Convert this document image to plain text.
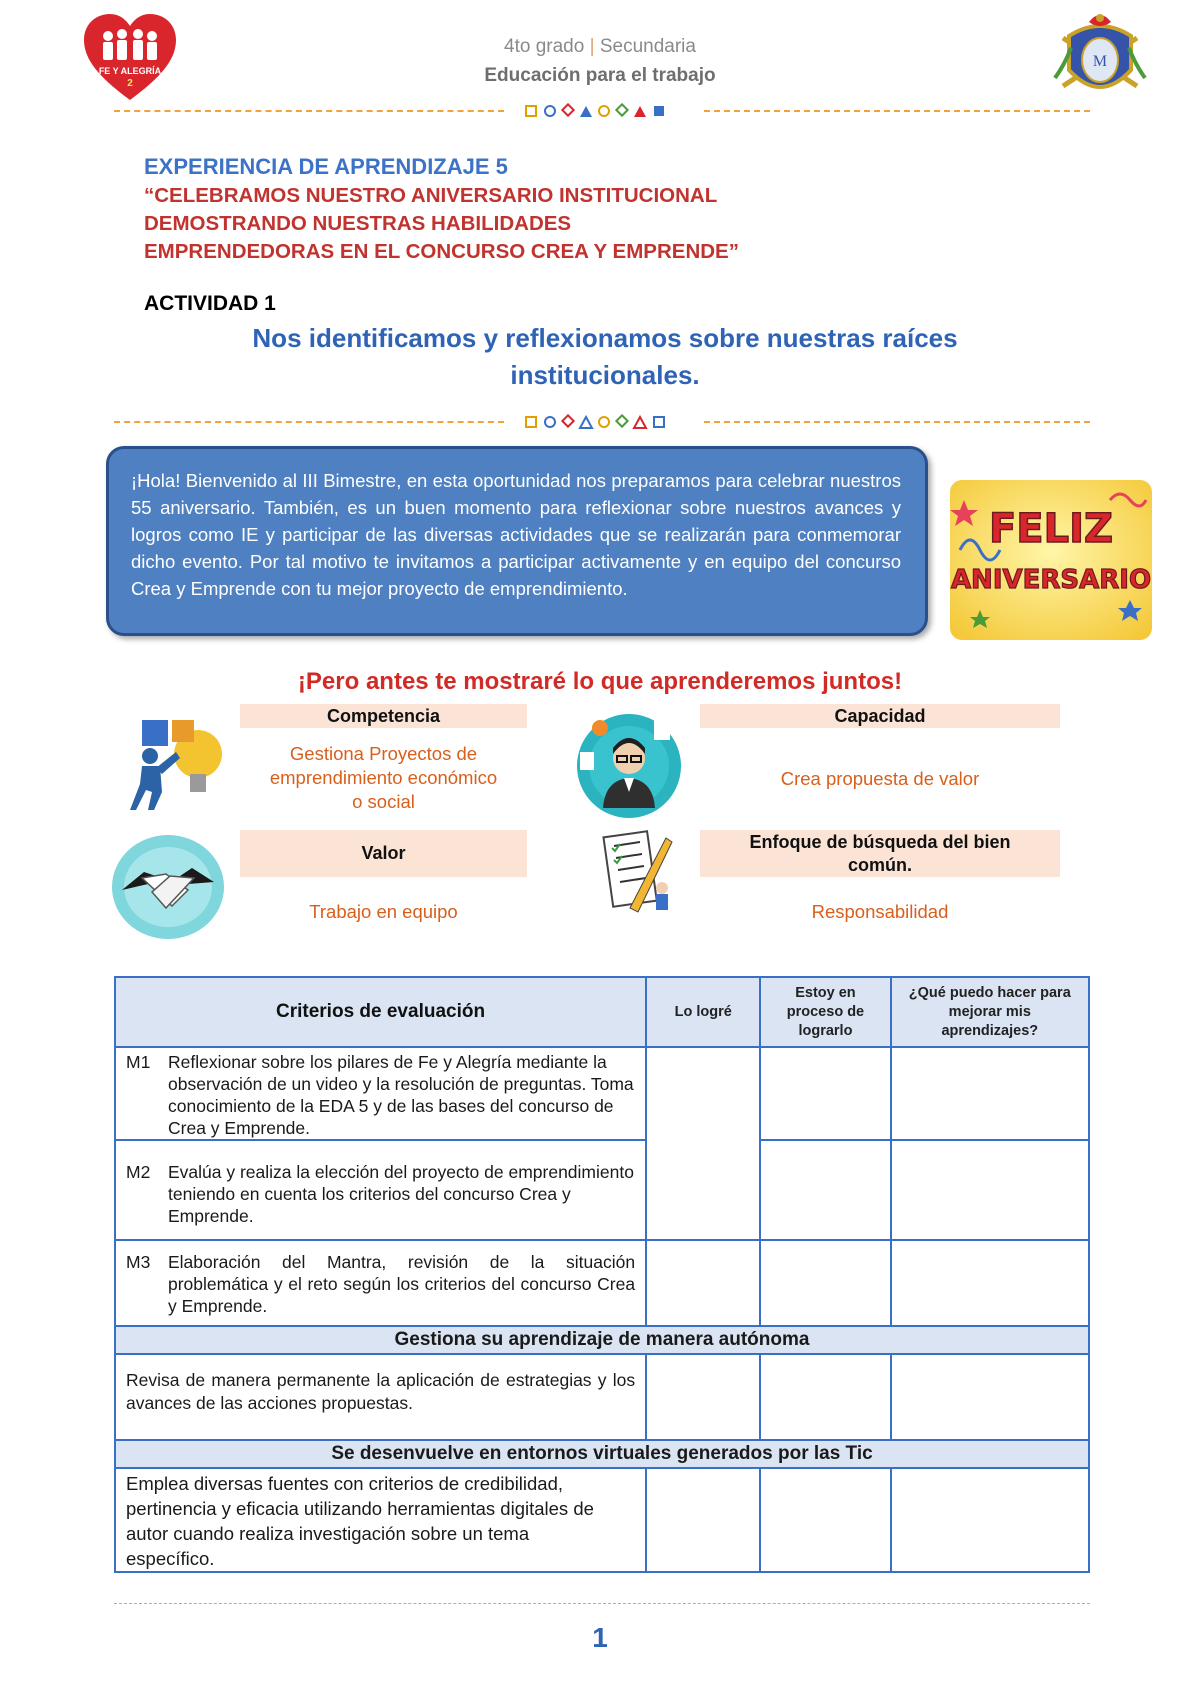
FE Y ALEGRÍA
2
4to grado | Secundaria
Educación para el trabajo
M
EXPERIENCIA DE APRENDIZAJE 5
“CELEBRAMOS NUESTRO ANIVERSARIO INSTITUCIONAL
DEMOSTRANDO NUESTRAS HABILIDADES
EMPRENDEDORAS EN EL CONCURSO CREA Y EMPRENDE”
ACTIVIDAD 1
Nos identificamos y reflexionamos sobre nuestras raíces
institucionales.
¡Hola! Bienvenido al III Bimestre, en esta oportunidad nos preparamos para celebrar nuestros 55 aniversario. También, es un buen momento para reflexionar sobre nuestros avances y logros como IE y participar de las diversas actividades que se realizarán para conmemorar dicho evento. Por tal motivo te invitamos a participar activamente y en equipo del concurso Crea y Emprende con tu mejor proyecto de emprendimiento.
FELIZ
ANIVERSARIO
¡Pero antes te mostraré lo que aprenderemos juntos!
Competencia
Gestiona Proyectos de
emprendimiento económico
o social
Capacidad
Crea propuesta de valor
Valor
Trabajo en equipo
Enfoque de búsqueda del bien
común.
Responsabilidad
Criterios de evaluación	Lo logré	Estoy en proceso de lograrlo	¿Qué puedo hacer para mejorar mis aprendizajes?

M1 Reflexionar sobre los pilares de Fe y Alegría mediante la observación de un video y la resolución de preguntas. Toma conocimiento de la EDA 5 y de las bases del concurso de Crea y Emprende.			

M2 Evalúa y realiza la elección del proyecto de emprendimiento teniendo en cuenta los criterios del concurso Crea y Emprende.			

M3 Elaboración del Mantra, revisión de la situación problemática y el reto según los criterios del concurso Crea y Emprende.			

Gestiona su aprendizaje de manera autónoma			

Revisa de manera permanente la aplicación de estrategias y los avances de las acciones propuestas.			

Se desenvuelve en entornos virtuales generados por las Tic			

Emplea diversas fuentes con criterios de credibilidad, pertinencia y eficacia utilizando herramientas digitales de autor cuando realiza investigación sobre un tema específico.			

1
